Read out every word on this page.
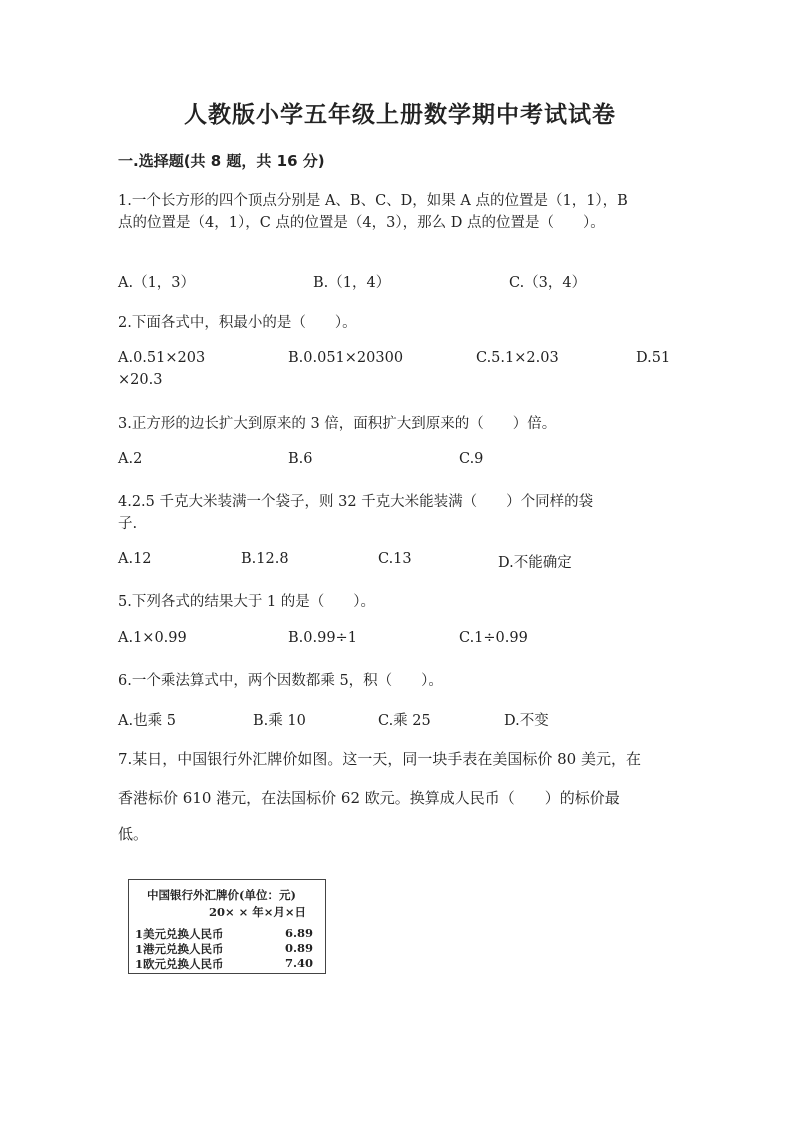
人教版小学五年级上册数学期中考试试卷
一.选择题(共 8 题，共 16 分)
1.一个长方形的四个顶点分别是 A、B、C、D，如果 A 点的位置是（1，1），B
点的位置是（4，1），C 点的位置是（4，3），那么 D 点的位置是（　　）。
A.（1，3）	B.（1，4）	C.（3，4）
2.下面各式中，积最小的是（　　）。
A.0.51×203	B.0.051×20300	C.5.1×2.03	D.51
×20.3
3.正方形的边长扩大到原来的 3 倍，面积扩大到原来的（　　）倍。
A.2	B.6	C.9
4.2.5 千克大米装满一个袋子，则 32 千克大米能装满（　　）个同样的袋
子.
A.12	B.12.8	C.13	D.不能确定
5.下列各式的结果大于 1 的是（　　）。
A.1×0.99	B.0.99÷1	C.1÷0.99
6.一个乘法算式中，两个因数都乘 5，积（　　）。
A.也乘 5	B.乘 10	C.乘 25	D.不变
7.某日，中国银行外汇牌价如图。这一天，同一块手表在美国标价 80 美元，在
香港标价 610 港元，在法国标价 62 欧元。换算成人民币（　　）的标价最
低。
中国银行外汇牌价(单位：元)
20× × 年×月×日
1美元兑换人民币	6.89
1港元兑换人民币	0.89
1欧元兑换人民币	7.40
